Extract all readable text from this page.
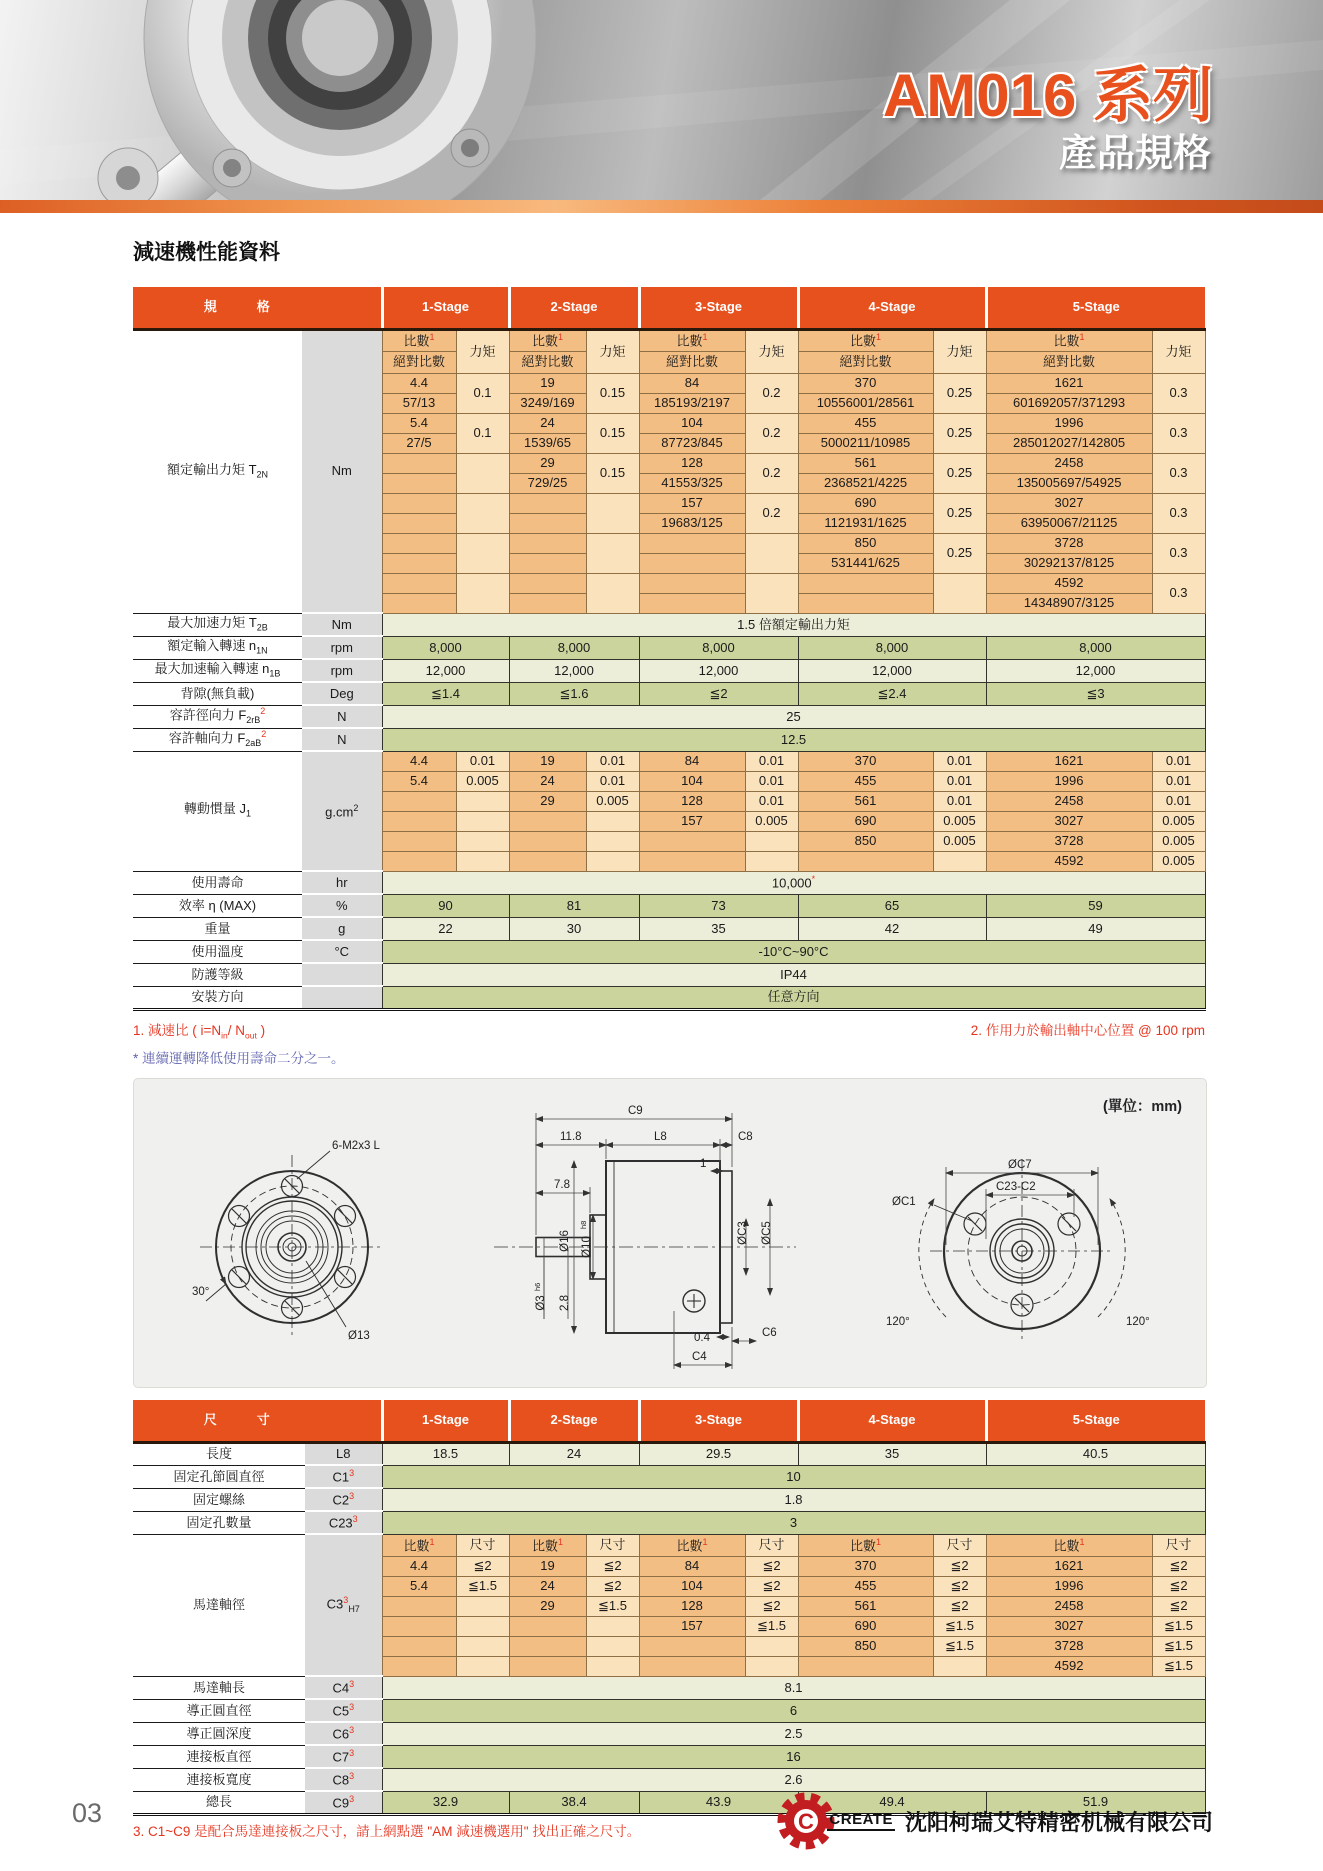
AM016 系列
產品規格
減速機性能資料
規格		1-Stage		2-Stage		3-Stage		4-Stage		5-Stage	
額定輸出力矩 $T_{2N}$	Nm	比數$^1$	力矩	比數$^1$	力矩	比數$^1$	力矩	比數$^1$	力矩	比數$^1$	力矩
		絕對比數		絕對比數		絕對比數		絕對比數		絕對比數	
		4.4	0.1	19	0.15	84	0.2	370	0.25	1621	0.3
		57/13		3249/169		185193/2197		10556001/28561		601692057/371293	
		5.4	0.1	24	0.15	104	0.2	455	0.25	1996	0.3
		27/5		1539/65		87723/845		5000211/10985		285012027/142805	
				29	0.15	128	0.2	561	0.25	2458	0.3
				729/25		41553/325		2368521/4225		135005697/54925	
						157	0.2	690	0.25	3027	0.3
						19683/125		1121931/1625		63950067/21125	
								850	0.25	3728	0.3
								531441/625		30292137/8125	
										4592	0.3
										14348907/3125	
最大加速力矩 $T_{2B}$	Nm	1.5 倍額定輸出力矩									
額定輸入轉速 $n_{1N}$	rpm	8,000		8,000		8,000		8,000		8,000	
最大加速輸入轉速 $n_{1B}$	rpm	12,000		12,000		12,000		12,000		12,000	
背隙(無負載)	Deg	≦1.4		≦1.6		≦2		≦2.4		≦3	
容許徑向力 $F_{2rB}^2$	N	25									
容許軸向力 $F_{2aB}^2$	N	12.5									
轉動慣量 $J_1$	$g.cm^2$	4.4	0.01	19	0.01	84	0.01	370	0.01	1621	0.01
		5.4	0.005	24	0.01	104	0.01	455	0.01	1996	0.01
				29	0.005	128	0.01	561	0.01	2458	0.01
						157	0.005	690	0.005	3027	0.005
								850	0.005	3728	0.005
										4592	0.005
使用壽命	hr	10,000*
效率 η (MAX)	%	90		81		73		65		59	
重量	g	22		30		35		42		49	
使用溫度	°C	-10°C~90°C									
防護等級		IP44									
安裝方向		任意方向									
1. 減速比 ( $i=N_{in}/$ $N_{out}$ )	2. 作用力於輸出軸中心位置 @ 100 rpm
* 連續運轉降低使用壽命二分之一。
(單位：mm)
6-M2x3 L
30°
Ø13
C9
11.8	L8	C8
1
7.8
Ø16 Ø10
h8
Ø3
h6
2.8
0.4
ØC3 ØC5
C6
C4
ØC7
C23-C2
ØC1
120°	120°
尺寸		1-Stage		2-Stage		3-Stage		4-Stage		5-Stage	
長度	L8	18.5		24		29.5		35		40.5	
固定孔節圓直徑	$C1^3$	10									
固定螺絲	$C2^3$	1.8									
固定孔數量	$C23^3$	3									
馬達軸徑	$C3^3_{H7}$	比數$^1$	尺寸	比數$^1$	尺寸	比數$^1$	尺寸	比數$^1$	尺寸	比數$^1$	尺寸
		4.4	≦2	19	≦2	84	≦2	370	≦2	1621	≦2
		5.4	≦1.5	24	≦2	104	≦2	455	≦2	1996	≦2
				29	≦1.5	128	≦2	561	≦2	2458	≦2
						157	≦1.5	690	≦1.5	3027	≦1.5
								850	≦1.5	3728	≦1.5
										4592	≦1.5
馬達軸長	$C4^3$	8.1									
導正圓直徑	$C5^3$	6									
導正圓深度	$C6^3$	2.5									
連接板直徑	$C7^3$	16									
連接板寬度	$C8^3$	2.6									
總長	$C9^3$	32.9		38.4		43.9		49.4		51.9	
3. C1~C9 是配合馬達連接板之尺寸，請上網點選 "AM 減速機選用" 找出正確之尺寸。
03	C CREATE 沈阳柯瑞艾特精密机械有限公司
